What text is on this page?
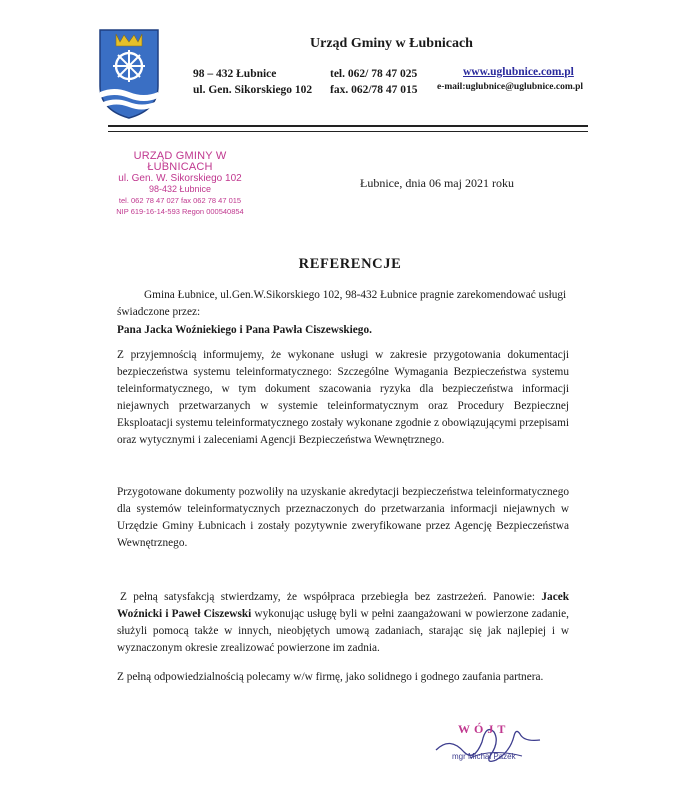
Urząd Gminy w Łubnicach
98 – 432 Łubnice
ul. Gen. Sikorskiego 102
tel. 062/ 78 47 025
fax. 062/78 47 015
www.uglubnice.com.pl
e-mail:uglubnice@uglubnice.com.pl
URZĄD GMINY W ŁUBNICACH
ul. Gen. W. Sikorskiego 102
98-432 Łubnice
tel. 062 78 47 027 fax 062 78 47 015
NIP 619-16-14-593 Regon 000540854
Łubnice, dnia 06 maj 2021 roku
REFERENCJE
Gmina Łubnice, ul.Gen.W.Sikorskiego 102, 98-432 Łubnice pragnie zarekomendować usługi świadczone przez:
Pana Jacka Woźniekiego i Pana Pawła Ciszewskiego.
Z przyjemnością informujemy, że wykonane usługi w zakresie przygotowania dokumentacji bezpieczeństwa systemu teleinformatycznego: Szczególne Wymagania Bezpieczeństwa systemu teleinformatycznego, w tym dokument szacowania ryzyka dla bezpieczeństwa informacji niejawnych przetwarzanych w systemie teleinformatycznym oraz Procedury Bezpiecznej Eksploatacji systemu teleinformatycznego zostały wykonane zgodnie z obowiązującymi przepisami oraz wytycznymi i zaleceniami Agencji Bezpieczeństwa Wewnętrznego.
Przygotowane dokumenty pozwoliły na uzyskanie akredytacji bezpieczeństwa teleinformatycznego dla systemów teleinformatycznych przeznaczonych do przetwarzania informacji niejawnych w Urzędzie Gminy Łubnicach i zostały pozytywnie zweryfikowane przez Agencję Bezpieczeństwa Wewnętrznego.
Z pełną satysfakcją stwierdzamy, że współpraca przebiegła bez zastrzeżeń. Panowie: Jacek Woźnicki i Paweł Ciszewski wykonując usługę byli w pełni zaangażowani w powierzone zadanie, służyli pomocą także w innych, nieobjętych umową zadaniach, starając się jak najlepiej i w wyznaczonym okresie zrealizować powierzone im zadnia.
Z pełną odpowiedzialnością polecamy w/w firmę, jako solidnego i godnego zaufania partnera.
WÓJT
mgr Michał Pazek
